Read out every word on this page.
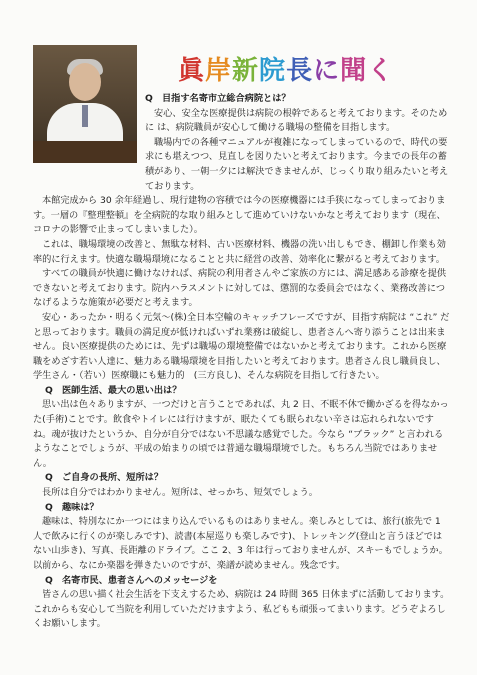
眞岸新院長に聞く

Q　目指す名寄市立総合病院とは？

安心、安全な医療提供は病院の根幹であると考えております。そのために は、病院職員が安心して働ける職場の整備を目指します。

職場内での各種マニュアルが複雑になってしまっているので、時代の要求にも堪えつつ、見直しを図りたいと考えております。今までの長年の蓄積があり、一朝一夕には解決できませんが、じっくり取り組みたいと考えております。

本館完成から 30 余年経過し、現行建物の容積では今の医療機器には手狭になってしまっております。一層の『整理整頓』を全病院的な取り組みとして進めていけないかなと考えております（現在、コロナの影響で止まってしまいました）。

これは、職場環境の改善と、無駄な材料、古い医療材料、機器の洗い出しもでき、棚卸し作業も効率的に行えます。快適な職場環境になることと共に経営の改善、効率化に繋がると考えております。

すべての職員が快適に働けなければ、病院の利用者さんやご家族の方には、満足感ある診療を提供できないと考えております。院内ハラスメントに対しては、懲罰的な委員会ではなく、業務改善につなげるような施策が必要だと考えます。

安心・あったか・明るく元気～(株)全日本空輸のキャッチフレーズですが、目指す病院は “これ” だと思っております。職員の満足度が低ければいずれ業務は破綻し、患者さんへ寄り添うことは出来ません。良い医療提供のためには、先ずは職場の環境整備ではないかと考えております。これから医療職をめざす若い人達に、魅力ある職場環境を目指したいと考えております。患者さん良し職員良し、学生さん・（若い）医療職にも魅力的　(三方良し)、そんな病院を目指して行きたい。

Q　医師生活、最大の思い出は？

思い出は色々ありますが、一つだけと言うことであれば、丸 2 日、不眠不休で働かざるを得なかった(手術)ことです。飲食やトイレには行けますが、眠たくても眠られない辛さは忘れられないですね。魂が抜けたというか、自分が自分ではない不思議な感覚でした。今なら “ブラック” と言われるようなことでしょうが、平成の始まりの頃では普通な職場環境でした。もちろん当院ではありません。

Q　ご自身の長所、短所は？

長所は自分ではわかりません。短所は、せっかち、短気でしょう。

Q　趣味は？

趣味は、特別なにか一つにはまり込んでいるものはありません。楽しみとしては、旅行(旅先で 1 人で飲みに行くのが楽しみです)、読書(本屋巡りも楽しみです)、トレッキング(登山と言うほどではない山歩き)、写真、長距離のドライブ。ここ 2、3 年は行っておりませんが、スキーもでしょうか。以前から、なにか楽器を弾きたいのですが、楽譜が読めません。残念です。

Q　名寄市民、患者さんへのメッセージを

皆さんの思い描く社会生活を下支えするため、病院は 24 時間 365 日休まずに活動しております。これからも安心して当院を利用していただけますよう、私どもも頑張ってまいります。どうぞよろしくお願いします。
